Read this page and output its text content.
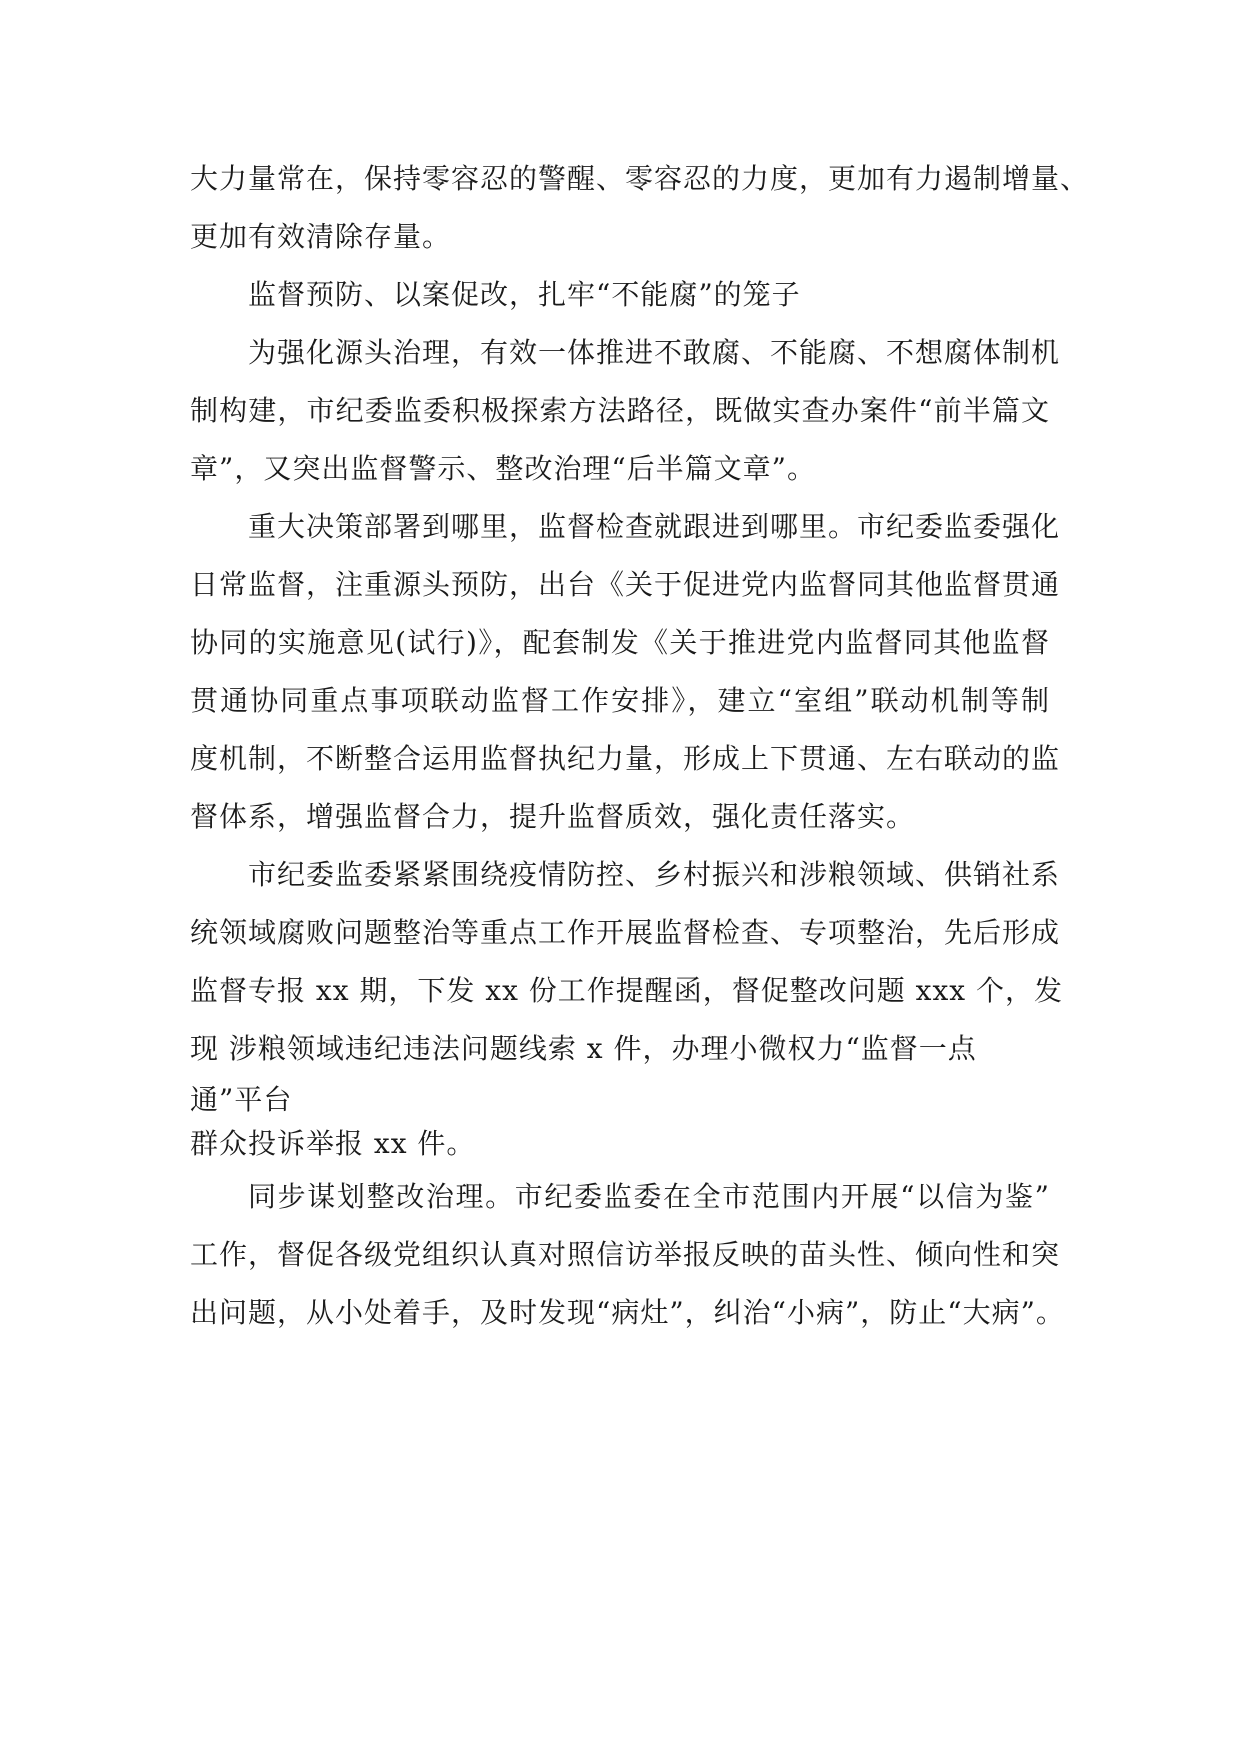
大力量常在，保持零容忍的警醒、零容忍的力度，更加有力遏制增量、
更加有效清除存量。
监督预防、以案促改，扎牢“不能腐”的笼子
为强化源头治理，有效一体推进不敢腐、不能腐、不想腐体制机
制构建，市纪委监委积极探索方法路径，既做实查办案件“前半篇文
章”，又突出监督警示、整改治理“后半篇文章”。
重大决策部署到哪里，监督检查就跟进到哪里。市纪委监委强化
日常监督，注重源头预防，出台《关于促进党内监督同其他监督贯通
协同的实施意见(试行)》，配套制发《关于推进党内监督同其他监督
贯通协同重点事项联动监督工作安排》，建立“室组”联动机制等制
度机制，不断整合运用监督执纪力量，形成上下贯通、左右联动的监
督体系，增强监督合力，提升监督质效，强化责任落实。
市纪委监委紧紧围绕疫情防控、乡村振兴和涉粮领域、供销社系
统领域腐败问题整治等重点工作开展监督检查、专项整治，先后形成
监督专报 xx 期，下发 xx 份工作提醒函，督促整改问题 xxx 个，发
现 涉粮领域违纪违法问题线索 x 件，办理小微权力“监督一点
通”平台
群众投诉举报 xx 件。
同步谋划整改治理。市纪委监委在全市范围内开展“以信为鉴”
工作，督促各级党组织认真对照信访举报反映的苗头性、倾向性和突
出问题，从小处着手，及时发现“病灶”，纠治“小病”，防止“大病”。
